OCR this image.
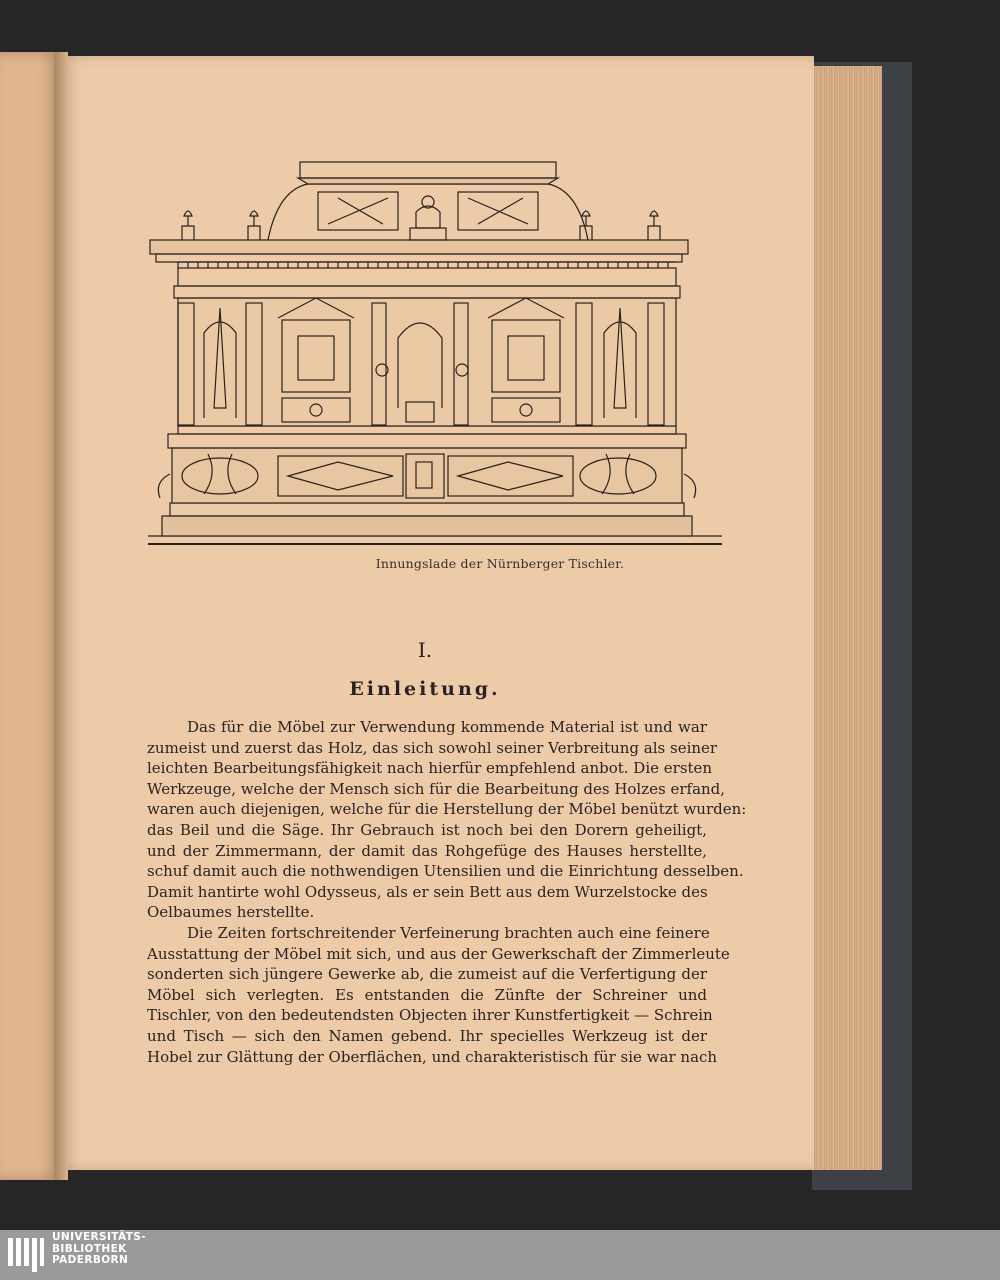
Innungslade der Nürnberger Tischler.
I.
Einleitung.

Das für die Möbel zur Verwendung kommende Material ist und war
zumeist und zuerst das Holz, das sich sowohl seiner Verbreitung als seiner
leichten Bearbeitungsfähigkeit nach hierfür empfehlend anbot. Die ersten
Werkzeuge, welche der Mensch sich für die Bearbeitung des Holzes erfand,
waren auch diejenigen, welche für die Herstellung der Möbel benützt wurden:
das Beil und die Säge. Ihr Gebrauch ist noch bei den Dorern geheiligt,
und der Zimmermann, der damit das Rohgefüge des Hauses herstellte,
schuf damit auch die nothwendigen Utensilien und die Einrichtung desselben.
Damit hantirte wohl Odysseus, als er sein Bett aus dem Wurzelstocke des
Oelbaumes herstellte.

Die Zeiten fortschreitender Verfeinerung brachten auch eine feinere
Ausstattung der Möbel mit sich, und aus der Gewerkschaft der Zimmerleute
sonderten sich jüngere Gewerke ab, die zumeist auf die Verfertigung der
Möbel sich verlegten. Es entstanden die Zünfte der Schreiner und
Tischler, von den bedeutendsten Objecten ihrer Kunstfertigkeit — Schrein
und Tisch — sich den Namen gebend. Ihr specielles Werkzeug ist der
Hobel zur Glättung der Oberflächen, und charakteristisch für sie war nach

UNIVERSITÄTS-
BIBLIOTHEK
PADERBORN
